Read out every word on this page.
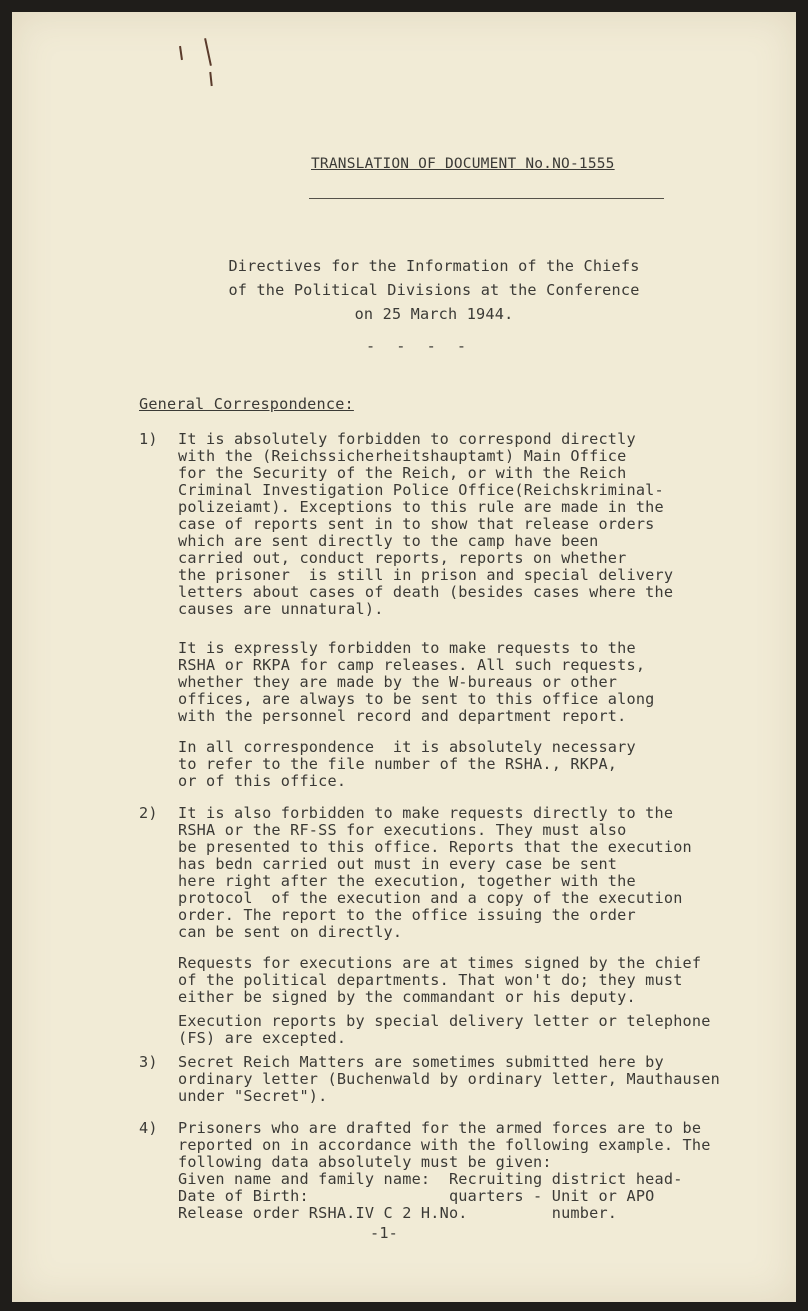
TRANSLATION OF DOCUMENT No.NO-1555
Directives for the Information of the Chiefs
of the Political Divisions at the Conference
on 25 March 1944.
- - - -
General Correspondence:
1) It is absolutely forbidden to correspond directly
with the (Reichssicherheitshauptamt) Main Office
for the Security of the Reich, or with the Reich
Criminal Investigation Police Office(Reichskriminal-
polizeiamt). Exceptions to this rule are made in the
case of reports sent in to show that release orders
which are sent directly to the camp have been
carried out, conduct reports, reports on whether
the prisoner  is still in prison and special delivery
letters about cases of death (besides cases where the
causes are unnatural).
It is expressly forbidden to make requests to the
RSHA or RKPA for camp releases. All such requests,
whether they are made by the W-bureaus or other
offices, are always to be sent to this office along
with the personnel record and department report.
In all correspondence  it is absolutely necessary
to refer to the file number of the RSHA., RKPA,
or of this office.
2) It is also forbidden to make requests directly to the
RSHA or the RF-SS for executions. They must also
be presented to this office. Reports that the execution
has bedn carried out must in every case be sent
here right after the execution, together with the
protocol  of the execution and a copy of the execution
order. The report to the office issuing the order
can be sent on directly.
Requests for executions are at times signed by the chief
of the political departments. That won't do; they must
either be signed by the commandant or his deputy.
Execution reports by special delivery letter or telephone
(FS) are excepted.
3) Secret Reich Matters are sometimes submitted here by
ordinary letter (Buchenwald by ordinary letter, Mauthausen
under "Secret").
4) Prisoners who are drafted for the armed forces are to be
reported on in accordance with the following example. The
following data absolutely must be given:
Given name and family name:  Recruiting district head-
Date of Birth:               quarters - Unit or APO
Release order RSHA.IV C 2 H.No.         number.
-1-
